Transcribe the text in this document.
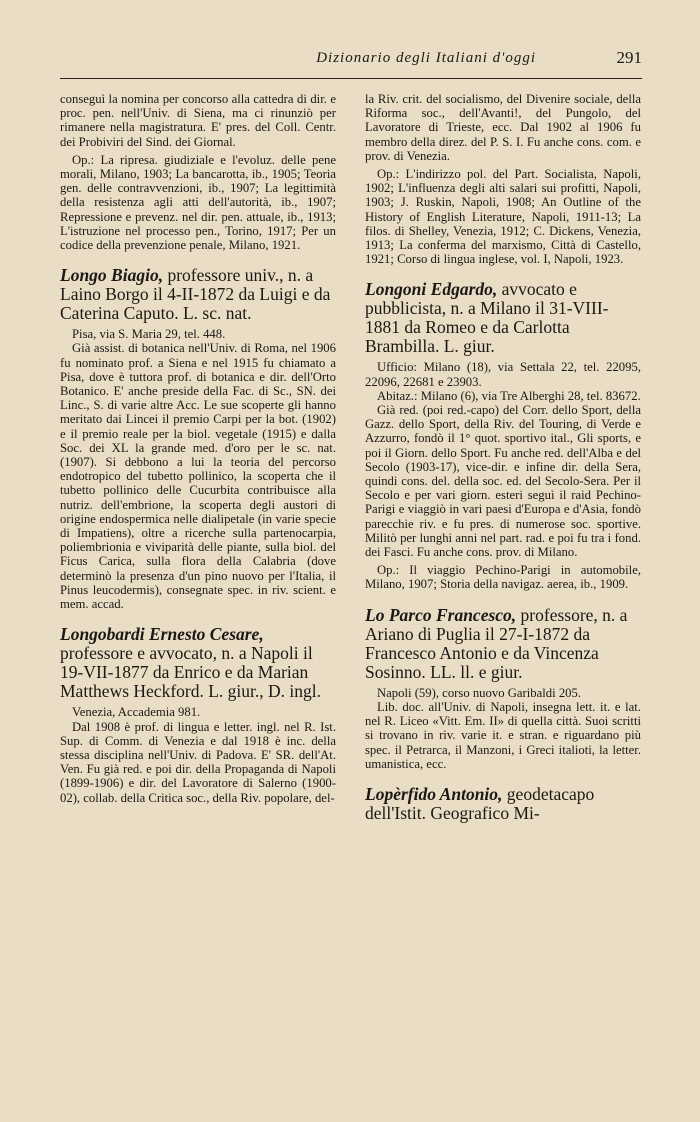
Dizionario degli Italiani d'oggi	291

conseguì la nomina per concorso alla cattedra di dir. e proc. pen. nell'Univ. di Siena, ma ci rinunziò per rimanere nella magistratura. E' pres. del Coll. Centr. dei Probiviri del Sind. dei Giornal.

Op.: La ripresa. giudiziale e l'evoluz. delle pene morali, Milano, 1903; La bancarotta, ib., 1905; Teoria gen. delle contravvenzioni, ib., 1907; La legittimità della resistenza agli atti dell'autorità, ib., 1907; Repressione e prevenz. nel dir. pen. attuale, ib., 1913; L'istruzione nel processo pen., Torino, 1917; Per un codice della prevenzione penale, Milano, 1921.

Longo Biagio, professore univ., n. a Laino Borgo il 4-II-1872 da Luigi e da Caterina Caputo. L. sc. nat.

Pisa, via S. Maria 29, tel. 448.

Già assist. di botanica nell'Univ. di Roma, nel 1906 fu nominato prof. a Siena e nel 1915 fu chiamato a Pisa, dove è tuttora prof. di botanica e dir. dell'Orto Botanico. E' anche preside della Fac. di Sc., SN. dei Linc., S. di varie altre Acc. Le sue scoperte gli hanno meritato dai Lincei il premio Carpi per la bot. (1902) e il premio reale per la biol. vegetale (1915) e dalla Soc. dei XL la grande med. d'oro per le sc. nat. (1907). Si debbono a lui la teoria del percorso endotropico del tubetto pollinico, la scoperta che il tubetto pollinico delle Cucurbita contribuisce alla nutriz. dell'embrione, la scoperta degli austori di origine endospermica nelle dialipetale (in varie specie di Impatiens), oltre a ricerche sulla partenocarpia, poliembrionia e viviparità delle piante, sulla biol. del Ficus Carica, sulla flora della Calabria (dove determinò la presenza d'un pino nuovo per l'Italia, il Pinus leucodermis), consegnate spec. in riv. scient. e mem. accad.

Longobardi Ernesto Cesare, professore e avvocato, n. a Napoli il 19-VII-1877 da Enrico e da Marian Matthews Heckford. L. giur., D. ingl.

Venezia, Accademia 981.

Dal 1908 è prof. di lingua e letter. ingl. nel R. Ist. Sup. di Comm. di Venezia e dal 1918 è inc. della stessa disciplina nell'Univ. di Padova. E' SR. dell'At. Ven. Fu già red. e poi dir. della Propaganda di Napoli (1899-1906) e dir. del Lavoratore di Salerno (1900-02), collab. della Critica soc., della Riv. popolare, del-

la Riv. crit. del socialismo, del Divenire sociale, della Riforma soc., dell'Avanti!, del Pungolo, del Lavoratore di Trieste, ecc. Dal 1902 al 1906 fu membro della direz. del P. S. I. Fu anche cons. com. e prov. di Venezia.

Op.: L'indirizzo pol. del Part. Socialista, Napoli, 1902; L'influenza degli alti salari sui profitti, Napoli, 1903; J. Ruskin, Napoli, 1908; An Outline of the History of English Literature, Napoli, 1911-13; La filos. di Shelley, Venezia, 1912; C. Dickens, Venezia, 1913; La conferma del marxismo, Città di Castello, 1921; Corso di lingua inglese, vol. I, Napoli, 1923.

Longoni Edgardo, avvocato e pubblicista, n. a Milano il 31-VIII-1881 da Romeo e da Carlotta Brambilla. L. giur.

Ufficio: Milano (18), via Settala 22, tel. 22095, 22096, 22681 e 23903.

Abitaz.: Milano (6), via Tre Alberghi 28, tel. 83672.

Già red. (poi red.-capo) del Corr. dello Sport, della Gazz. dello Sport, della Riv. del Touring, di Verde e Azzurro, fondò il 1° quot. sportivo ital., Gli sports, e poi il Giorn. dello Sport. Fu anche red. dell'Alba e del Secolo (1903-17), vice-dir. e infine dir. della Sera, quindi cons. del. della soc. ed. del Secolo-Sera. Per il Secolo e per vari giorn. esteri seguì il raid Pechino-Parigi e viaggiò in vari paesi d'Europa e d'Asia, fondò parecchie riv. e fu pres. di numerose soc. sportive. Militò per lunghi anni nel part. rad. e poi fu tra i fond. dei Fasci. Fu anche cons. prov. di Milano.

Op.: Il viaggio Pechino-Parigi in automobile, Milano, 1907; Storia della navigaz. aerea, ib., 1909.

Lo Parco Francesco, professore, n. a Ariano di Puglia il 27-I-1872 da Francesco Antonio e da Vincenza Sosinno. LL. ll. e giur.

Napoli (59), corso nuovo Garibaldi 205.

Lib. doc. all'Univ. di Napoli, insegna lett. it. e lat. nel R. Liceo «Vitt. Em. II» di quella città. Suoi scritti si trovano in riv. varie it. e stran. e riguardano più spec. il Petrarca, il Manzoni, i Greci italioti, la letter. umanistica, ecc.

Lopèrfido Antonio, geodetacapo dell'Istit. Geografico Mi-
